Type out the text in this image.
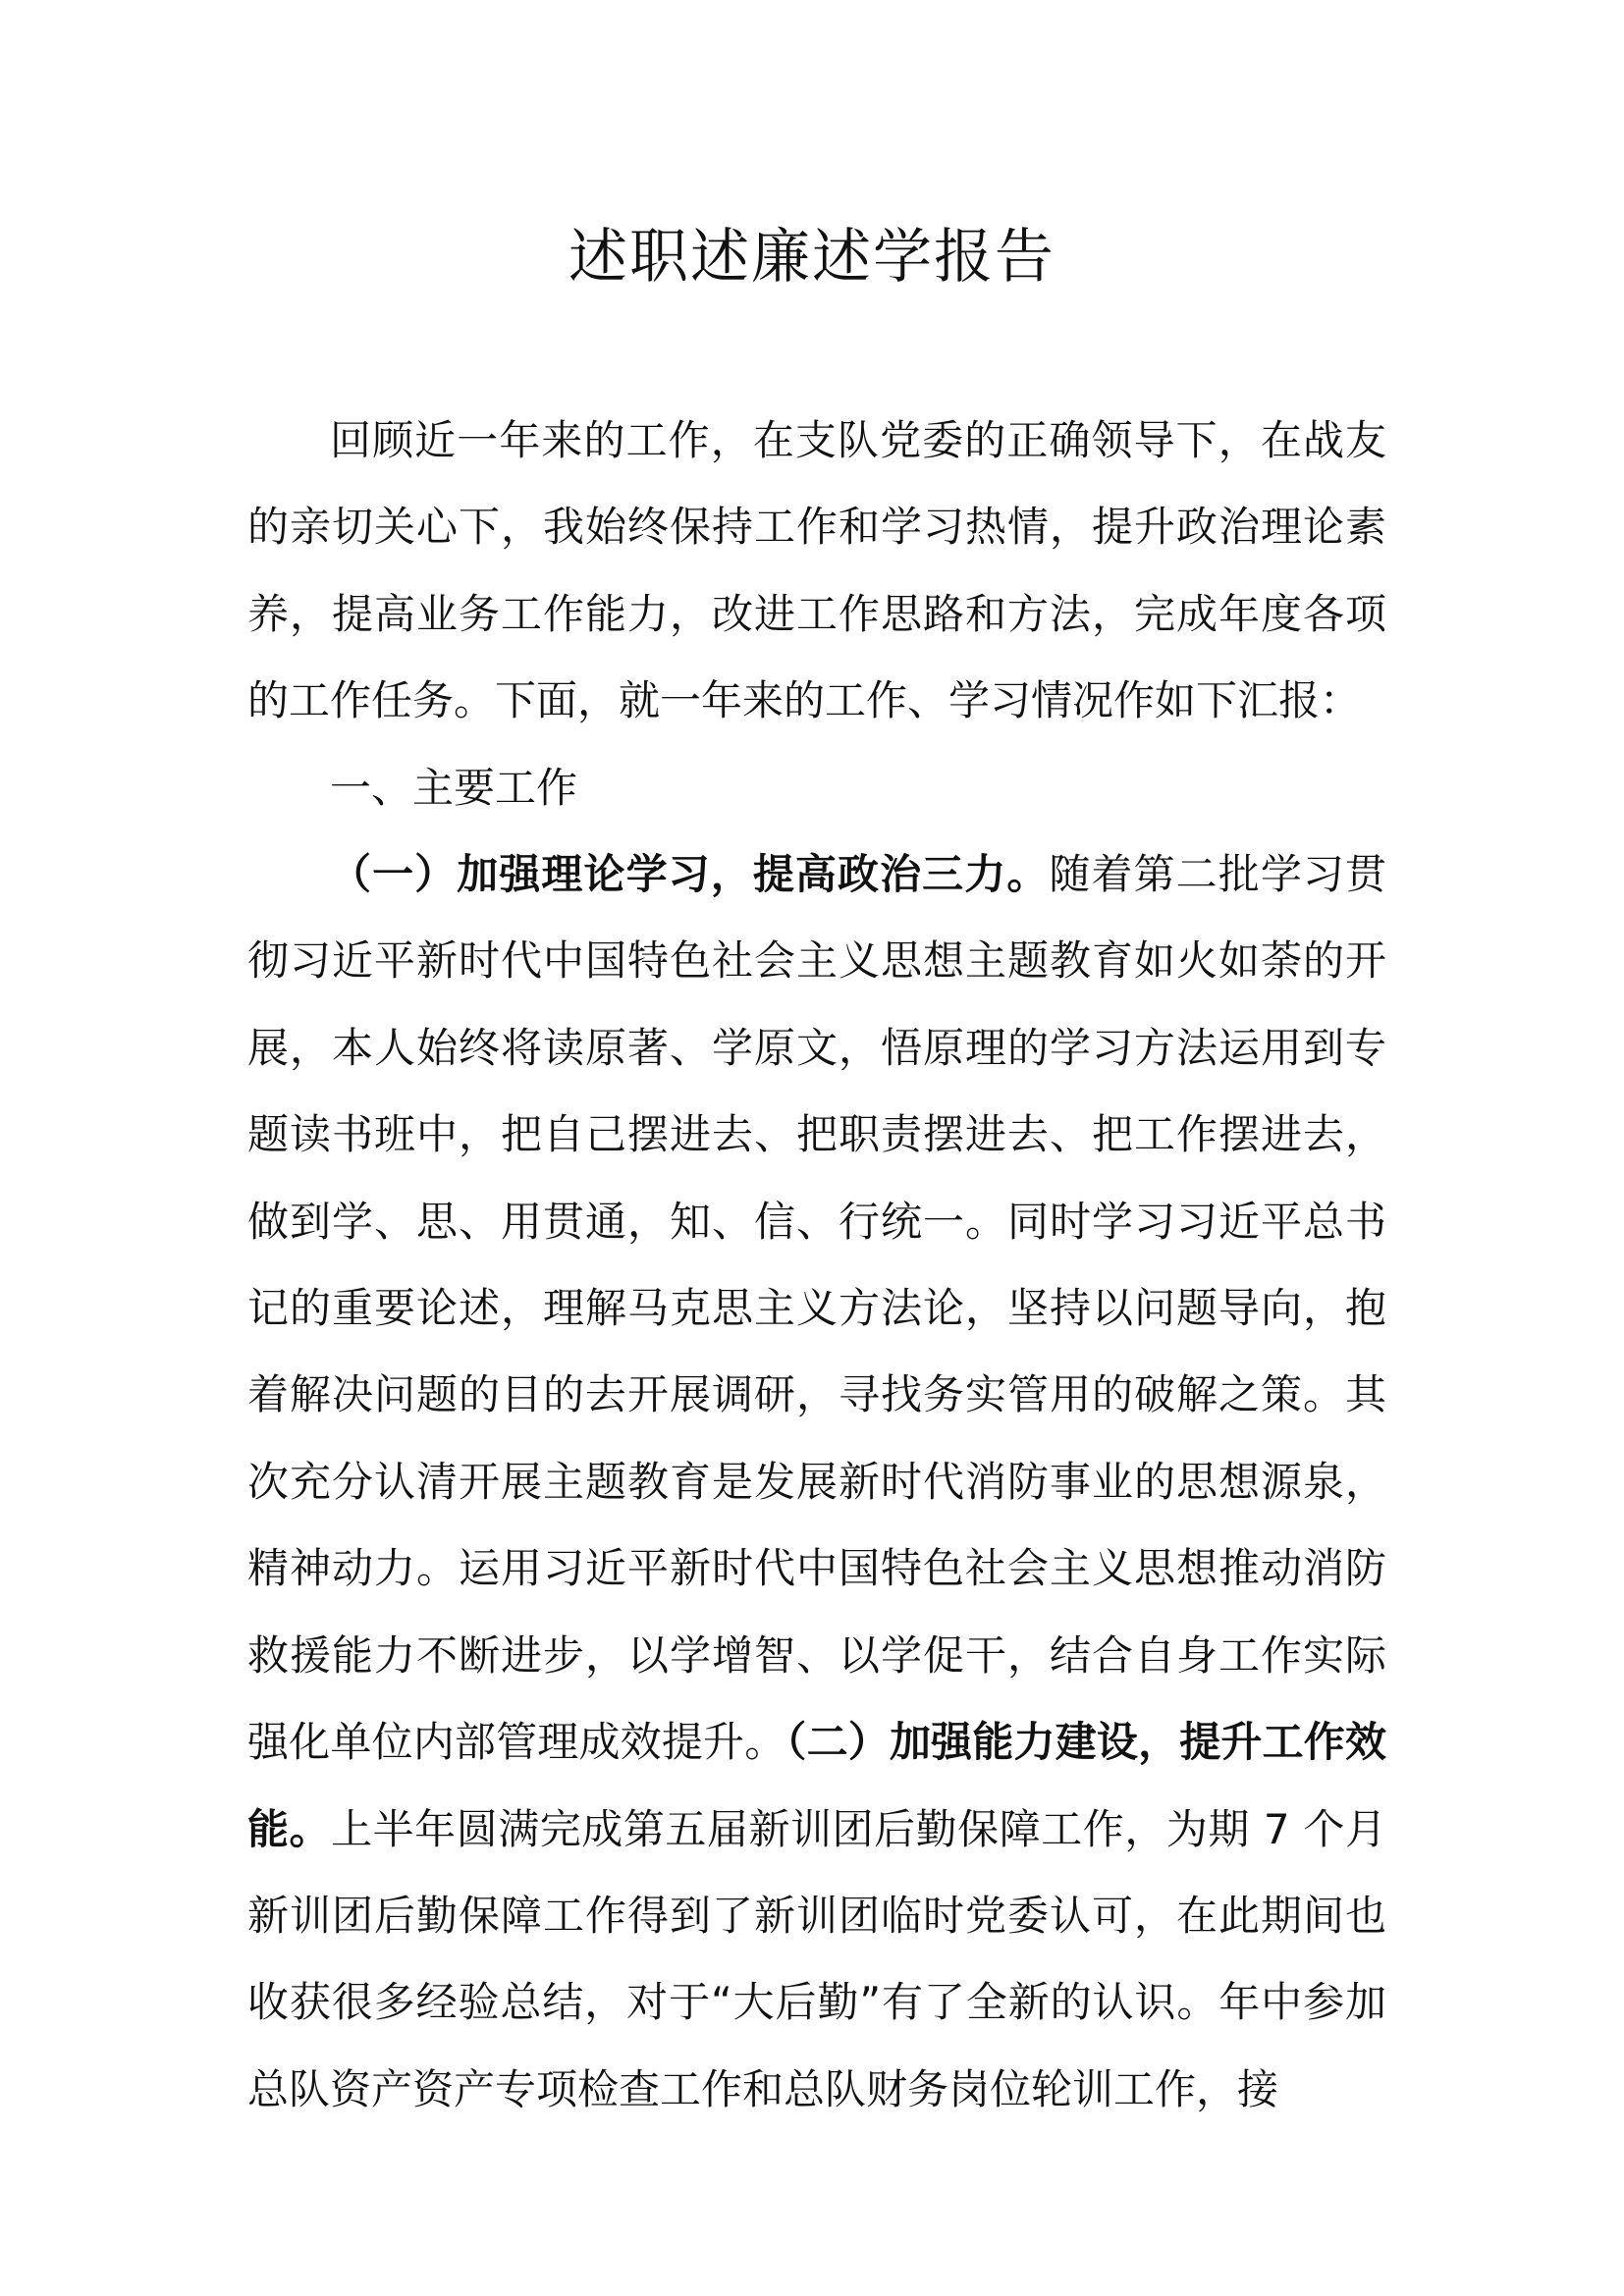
述职述廉述学报告

回顾近一年来的工作，在支队党委的正确领导下，在战友的亲切关心下，我始终保持工作和学习热情，提升政治理论素养，提高业务工作能力，改进工作思路和方法，完成年度各项的工作任务。下面，就一年来的工作、学习情况作如下汇报：

一、主要工作

（一）加强理论学习，提高政治三力。随着第二批学习贯彻习近平新时代中国特色社会主义思想主题教育如火如荼的开展，本人始终将读原著、学原文，悟原理的学习方法运用到专题读书班中，把自己摆进去、把职责摆进去、把工作摆进去，做到学、思、用贯通，知、信、行统一。同时学习习近平总书记的重要论述，理解马克思主义方法论，坚持以问题导向，抱着解决问题的目的去开展调研，寻找务实管用的破解之策。其次充分认清开展主题教育是发展新时代消防事业的思想源泉，精神动力。运用习近平新时代中国特色社会主义思想推动消防救援能力不断进步，以学增智、以学促干，结合自身工作实际强化单位内部管理成效提升。（二）加强能力建设，提升工作效能。上半年圆满完成第五届新训团后勤保障工作，为期 7 个月新训团后勤保障工作得到了新训团临时党委认可，在此期间也收获很多经验总结，对于“大后勤”有了全新的认识。年中参加总队资产资产专项检查工作和总队财务岗位轮训工作，接
